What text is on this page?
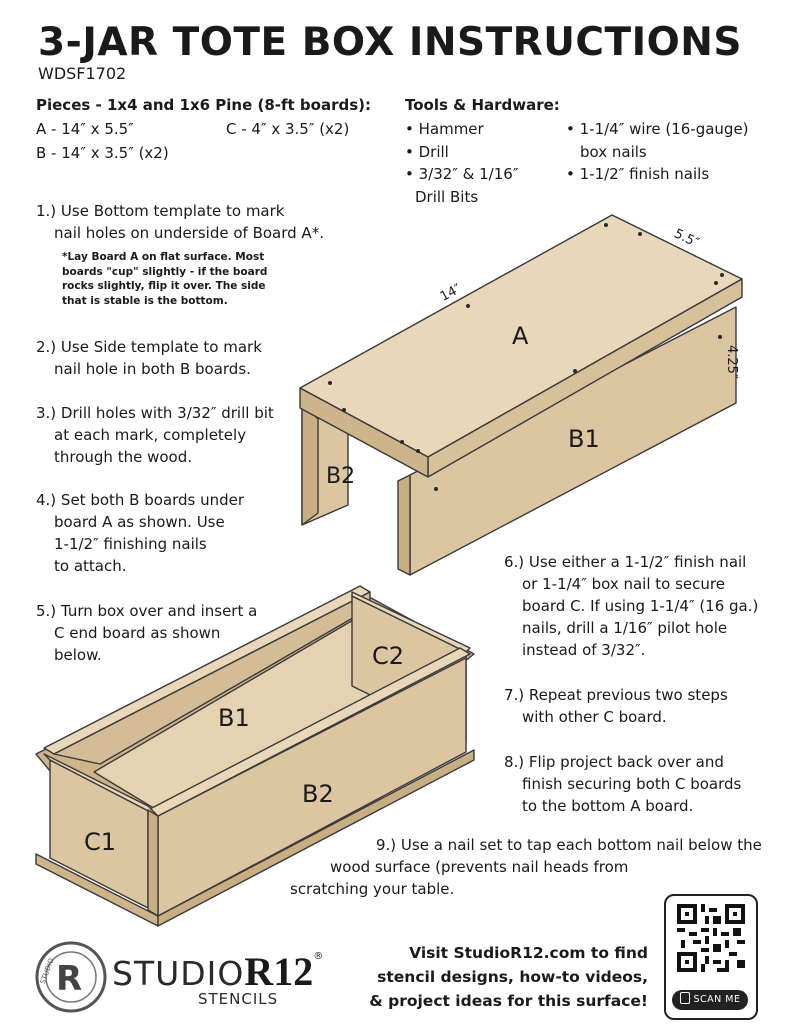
3-JAR TOTE BOX INSTRUCTIONS
WDSF1702
Pieces - 1x4 and 1x6 Pine (8-ft boards):
A - 14″ x 5.5″
B - 14″ x 3.5″ (x2)
C - 4″ x 3.5″ (x2)
Tools & Hardware:
• Hammer
• Drill
• 3/32″ & 1/16″
Drill Bits
• 1-1/4″ wire (16-gauge)
box nails
• 1-1/2″ finish nails
1.) Use Bottom template to mark
nail holes on underside of Board A*.
*Lay Board A on flat surface. Most
boards "cup" slightly - if the board
rocks slightly, flip it over. The side
that is stable is the bottom.
2.) Use Side template to mark
nail hole in both B boards.
3.) Drill holes with 3/32″ drill bit
at each mark, completely
through the wood.
4.) Set both B boards under
board A as shown. Use
1-1/2″ finishing nails
to attach.
5.) Turn box over and insert a
C end board as shown
below.
6.) Use either a 1-1/2″ finish nail
or 1-1/4″ box nail to secure
board C. If using 1-1/4″ (16 ga.)
nails, drill a 1/16″ pilot hole
instead of 3/32″.
7.) Repeat previous two steps
with other C board.
8.) Flip project back over and
finish securing both C boards
to the bottom A board.
9.) Use a nail set to tap each bottom nail below the
wood surface (prevents nail heads from
scratching your table.
A
B1
B2
14″
5.5″
4.25″
B1
B2
C1
C2
R
STUDIO STUDIOR12®
STENCILS
Visit StudioR12.com to find
stencil designs, how-to videos,
& project ideas for this surface!	SCAN ME
